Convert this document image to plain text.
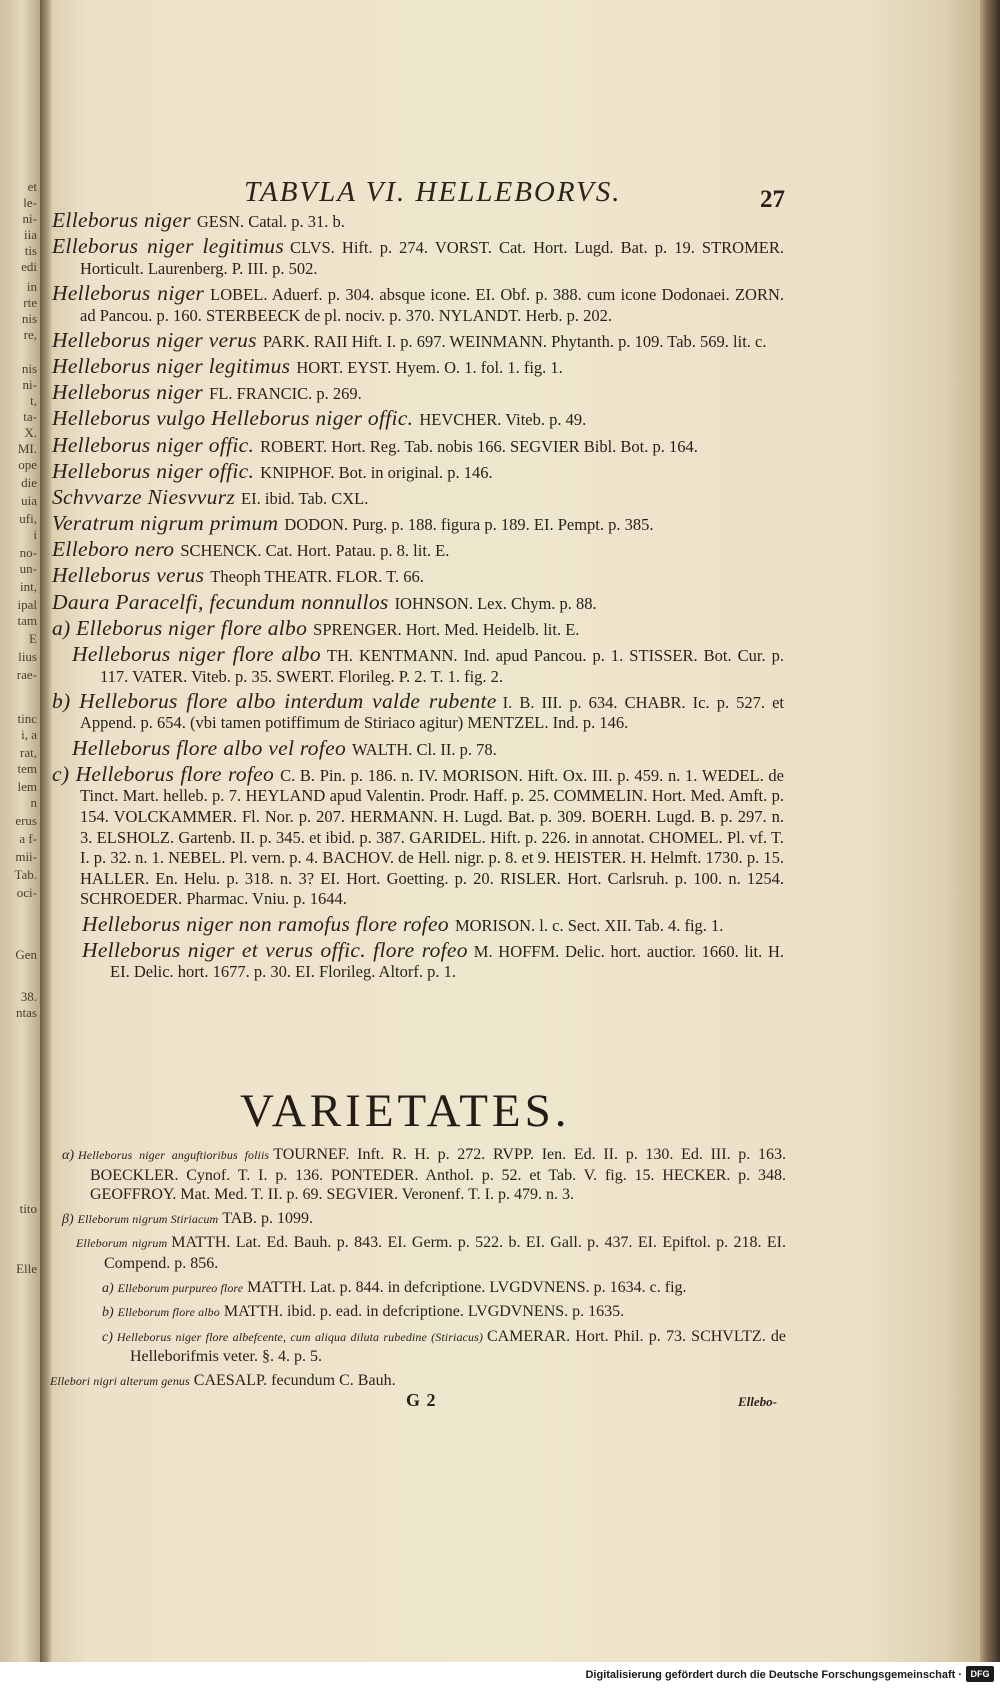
et
le-
ni-
iia
tis
edi
in
rte
nis
re,
nis
ni-
t,
ta-
X.
MI.
ope
die
uia
ufi,
i
no-
un-
int,
ipal
tam
E
lius
rae-
tinc
i, a
rat,
tem
lem
n
erus
a f-
mii-
Tab.
oci-
Gen
38.
ntas
tito
Elle
TABVLA VI. HELLEBORVS.	27
Elleborus niger GESN. Catal. p. 31. b.
Elleborus niger legitimus CLVS. Hift. p. 274. VORST. Cat. Hort. Lugd. Bat. p. 19. STROMER. Horticult. Laurenberg. P. III. p. 502.
Helleborus niger LOBEL. Aduerf. p. 304. absque icone. EI. Obf. p. 388. cum icone Dodonaei. ZORN. ad Pancou. p. 160. STERBEECK de pl. nociv. p. 370. NYLANDT. Herb. p. 202.
Helleborus niger verus PARK. RAII Hift. I. p. 697. WEINMANN. Phytanth. p. 109. Tab. 569. lit. c.
Helleborus niger legitimus HORT. EYST. Hyem. O. 1. fol. 1. fig. 1.
Helleborus niger FL. FRANCIC. p. 269.
Helleborus vulgo Helleborus niger offic. HEVCHER. Viteb. p. 49.
Helleborus niger offic. ROBERT. Hort. Reg. Tab. nobis 166. SEGVIER Bibl. Bot. p. 164.
Helleborus niger offic. KNIPHOF. Bot. in original. p. 146.
Schvvarze Niesvvurz EI. ibid. Tab. CXL.
Veratrum nigrum primum DODON. Purg. p. 188. figura p. 189. EI. Pempt. p. 385.
Elleboro nero SCHENCK. Cat. Hort. Patau. p. 8. lit. E.
Helleborus verus Theoph THEATR. FLOR. T. 66.
Daura Paracelfi, fecundum nonnullos IOHNSON. Lex. Chym. p. 88.
a) Elleborus niger flore albo SPRENGER. Hort. Med. Heidelb. lit. E.
Helleborus niger flore albo TH. KENTMANN. Ind. apud Pancou. p. 1. STISSER. Bot. Cur. p. 117. VATER. Viteb. p. 35. SWERT. Florileg. P. 2. T. 1. fig. 2.
b) Helleborus flore albo interdum valde rubente I. B. III. p. 634. CHABR. Ic. p. 527. et Append. p. 654. (vbi tamen potiffimum de Stiriaco agitur) MENTZEL. Ind. p. 146.
Helleborus flore albo vel rofeo WALTH. Cl. II. p. 78.
c) Helleborus flore rofeo C. B. Pin. p. 186. n. IV. MORISON. Hift. Ox. III. p. 459. n. 1. WEDEL. de Tinct. Mart. helleb. p. 7. HEYLAND apud Valentin. Prodr. Haff. p. 25. COMMELIN. Hort. Med. Amft. p. 154. VOLCKAMMER. Fl. Nor. p. 207. HERMANN. H. Lugd. Bat. p. 309. BOERH. Lugd. B. p. 297. n. 3. ELSHOLZ. Gartenb. II. p. 345. et ibid. p. 387. GARIDEL. Hift. p. 226. in annotat. CHOMEL. Pl. vf. T. I. p. 32. n. 1. NEBEL. Pl. vern. p. 4. BACHOV. de Hell. nigr. p. 8. et 9. HEISTER. H. Helmft. 1730. p. 15. HALLER. En. Helu. p. 318. n. 3? EI. Hort. Goetting. p. 20. RISLER. Hort. Carlsruh. p. 100. n. 1254. SCHROEDER. Pharmac. Vniu. p. 1644.
Helleborus niger non ramofus flore rofeo MORISON. l. c. Sect. XII. Tab. 4. fig. 1.
Helleborus niger et verus offic. flore rofeo M. HOFFM. Delic. hort. auctior. 1660. lit. H. EI. Delic. hort. 1677. p. 30. EI. Florileg. Altorf. p. 1.
VARIETATES.
α) Helleborus niger anguftioribus foliis TOURNEF. Inft. R. H. p. 272. RVPP. Ien. Ed. II. p. 130. Ed. III. p. 163. BOECKLER. Cynof. T. I. p. 136. PONTEDER. Anthol. p. 52. et Tab. V. fig. 15. HECKER. p. 348. GEOFFROY. Mat. Med. T. II. p. 69. SEGVIER. Veronenf. T. I. p. 479. n. 3.
β) Elleborum nigrum Stiriacum TAB. p. 1099.
Elleborum nigrum MATTH. Lat. Ed. Bauh. p. 843. EI. Germ. p. 522. b. EI. Gall. p. 437. EI. Epiftol. p. 218. EI. Compend. p. 856.
a) Elleborum purpureo flore MATTH. Lat. p. 844. in defcriptione. LVGDVNENS. p. 1634. c. fig.
b) Elleborum flore albo MATTH. ibid. p. ead. in defcriptione. LVGDVNENS. p. 1635.
c) Helleborus niger flore albefcente, cum aliqua diluta rubedine (Stiriacus) CAMERAR. Hort. Phil. p. 73. SCHVLTZ. de Helleborifmis veter. §. 4. p. 5.
Ellebori nigri alterum genus CAESALP. fecundum C. Bauh.
G 2	Ellebo-
Digitalisierung gefördert durch die Deutsche Forschungsgemeinschaft · DFG
